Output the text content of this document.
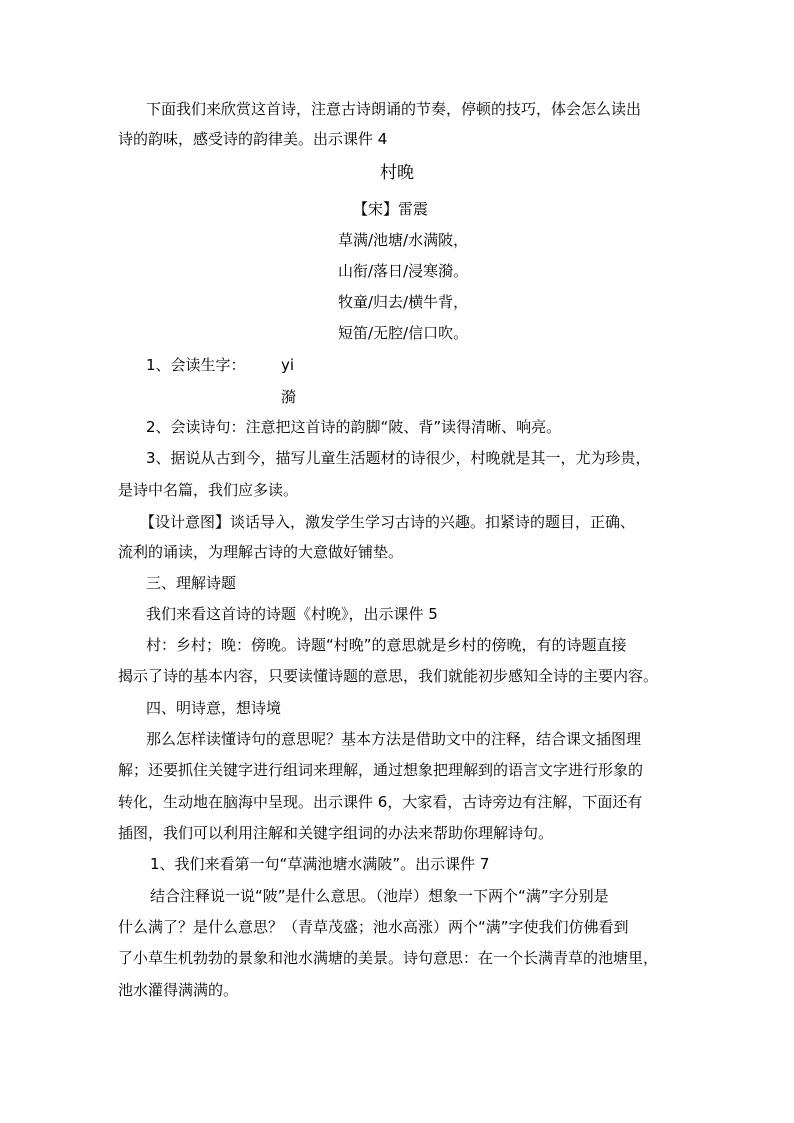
下面我们来欣赏这首诗，注意古诗朗诵的节奏，停顿的技巧，体会怎么读出
诗的韵味，感受诗的韵律美。出示课件 4
村晚
【宋】雷震
草满/池塘/水满陂，
山衔/落日/浸寒漪。
牧童/归去/横牛背，
短笛/无腔/信口吹。
1、会读生字： yi
漪
2、会读诗句：注意把这首诗的韵脚“陂、背”读得清晰、响亮。
3、据说从古到今，描写儿童生活题材的诗很少，村晚就是其一，尤为珍贵，
是诗中名篇，我们应多读。
【设计意图】谈话导入，激发学生学习古诗的兴趣。扣紧诗的题目，正确、
流利的诵读，为理解古诗的大意做好铺垫。
三、理解诗题
我们来看这首诗的诗题《村晚》，出示课件 5
村：乡村；晚：傍晚。诗题“村晚”的意思就是乡村的傍晚，有的诗题直接
揭示了诗的基本内容，只要读懂诗题的意思，我们就能初步感知全诗的主要内容。
四、明诗意，想诗境
那么怎样读懂诗句的意思呢？基本方法是借助文中的注释，结合课文插图理
解；还要抓住关键字进行组词来理解，通过想象把理解到的语言文字进行形象的
转化，生动地在脑海中呈现。出示课件 6，大家看，古诗旁边有注解，下面还有
插图，我们可以利用注解和关键字组词的办法来帮助你理解诗句。
1、我们来看第一句“草满池塘水满陂”。出示课件 7
结合注释说一说“陂”是什么意思。（池岸）想象一下两个“满”字分别是
什么满了？是什么意思？（青草茂盛；池水高涨）两个“满”字使我们仿佛看到
了小草生机勃勃的景象和池水满塘的美景。诗句意思：在一个长满青草的池塘里，
池水灌得满满的。
